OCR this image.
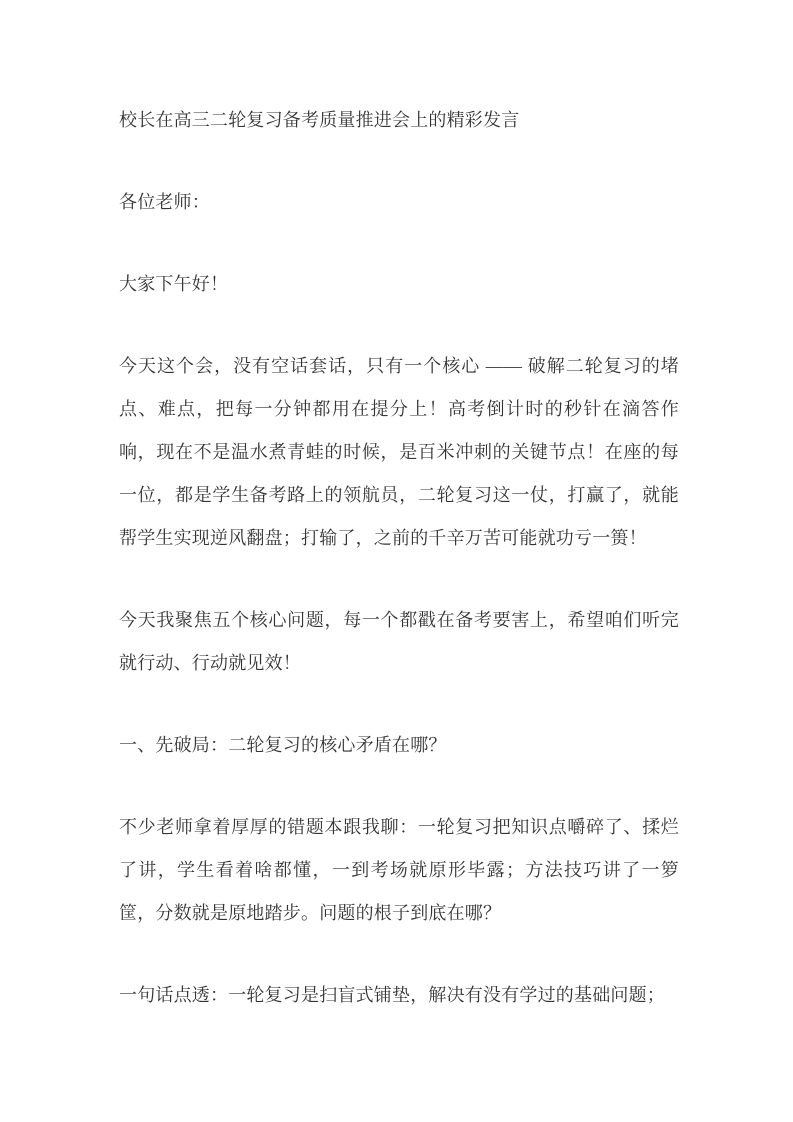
校长在高三二轮复习备考质量推进会上的精彩发言

各位老师：

大家下午好！

今天这个会，没有空话套话，只有一个核心 —— 破解二轮复习的堵点、难点，把每一分钟都用在提分上！高考倒计时的秒针在滴答作响，现在不是温水煮青蛙的时候，是百米冲刺的关键节点！在座的每一位，都是学生备考路上的领航员，二轮复习这一仗，打赢了，就能帮学生实现逆风翻盘；打输了，之前的千辛万苦可能就功亏一篑！

今天我聚焦五个核心问题，每一个都戳在备考要害上，希望咱们听完就行动、行动就见效！

一、先破局：二轮复习的核心矛盾在哪？

不少老师拿着厚厚的错题本跟我聊：一轮复习把知识点嚼碎了、揉烂了讲，学生看着啥都懂，一到考场就原形毕露；方法技巧讲了一箩筐，分数就是原地踏步。问题的根子到底在哪？

一句话点透：一轮复习是扫盲式铺垫，解决有没有学过的基础问题；
